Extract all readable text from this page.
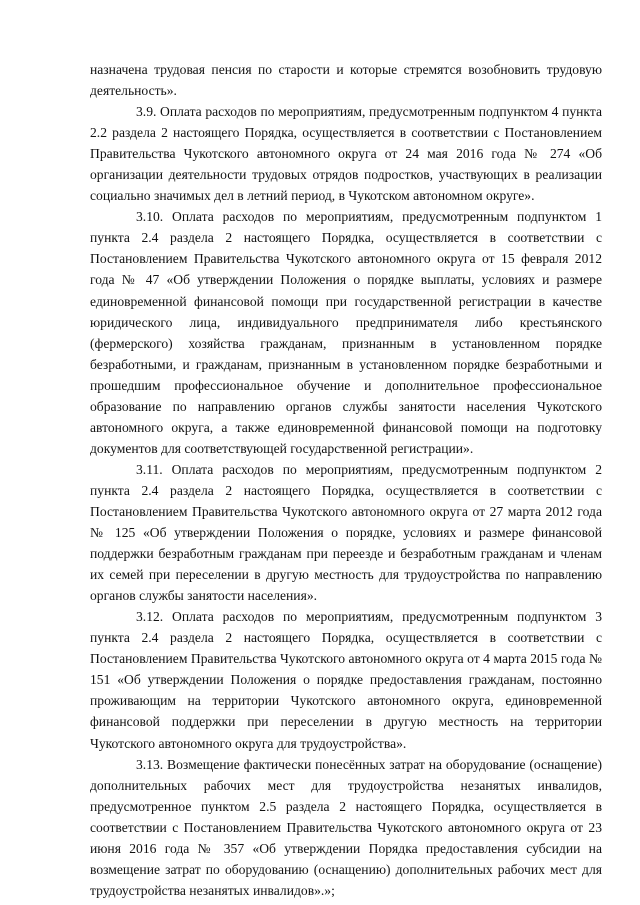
назначена трудовая пенсия по старости и которые стремятся возобновить трудовую деятельность».

3.9. Оплата расходов по мероприятиям, предусмотренным подпунктом 4 пункта 2.2 раздела 2 настоящего Порядка, осуществляется в соответствии с Постановлением Правительства Чукотского автономного округа от 24 мая 2016 года № 274 «Об организации деятельности трудовых отрядов подростков, участвующих в реализации социально значимых дел в летний период, в Чукотском автономном округе».

3.10. Оплата расходов по мероприятиям, предусмотренным подпунктом 1 пункта 2.4 раздела 2 настоящего Порядка, осуществляется в соответствии с Постановлением Правительства Чукотского автономного округа от 15 февраля 2012 года № 47 «Об утверждении Положения о порядке выплаты, условиях и размере единовременной финансовой помощи при государственной регистрации в качестве юридического лица, индивидуального предпринимателя либо крестьянского (фермерского) хозяйства гражданам, признанным в установленном порядке безработными, и гражданам, признанным в установленном порядке безработными и прошедшим профессиональное обучение и дополнительное профессиональное образование по направлению органов службы занятости населения Чукотского автономного округа, а также единовременной финансовой помощи на подготовку документов для соответствующей государственной регистрации».

3.11. Оплата расходов по мероприятиям, предусмотренным подпунктом 2 пункта 2.4 раздела 2 настоящего Порядка, осуществляется в соответствии с Постановлением Правительства Чукотского автономного округа от 27 марта 2012 года № 125 «Об утверждении Положения о порядке, условиях и размере финансовой поддержки безработным гражданам при переезде и безработным гражданам и членам их семей при переселении в другую местность для трудоустройства по направлению органов службы занятости населения».

3.12. Оплата расходов по мероприятиям, предусмотренным подпунктом 3 пункта 2.4 раздела 2 настоящего Порядка, осуществляется в соответствии с Постановлением Правительства Чукотского автономного округа от 4 марта 2015 года № 151 «Об утверждении Положения о порядке предоставления гражданам, постоянно проживающим на территории Чукотского автономного округа, единовременной финансовой поддержки при переселении в другую местность на территории Чукотского автономного округа для трудоустройства».

3.13. Возмещение фактически понесённых затрат на оборудование (оснащение) дополнительных рабочих мест для трудоустройства незанятых инвалидов, предусмотренное пунктом 2.5 раздела 2 настоящего Порядка, осуществляется в соответствии с Постановлением Правительства Чукотского автономного округа от 23 июня 2016 года № 357 «Об утверждении Порядка предоставления субсидии на возмещение затрат по оборудованию (оснащению) дополнительных рабочих мест для трудоустройства незанятых инвалидов».»;
